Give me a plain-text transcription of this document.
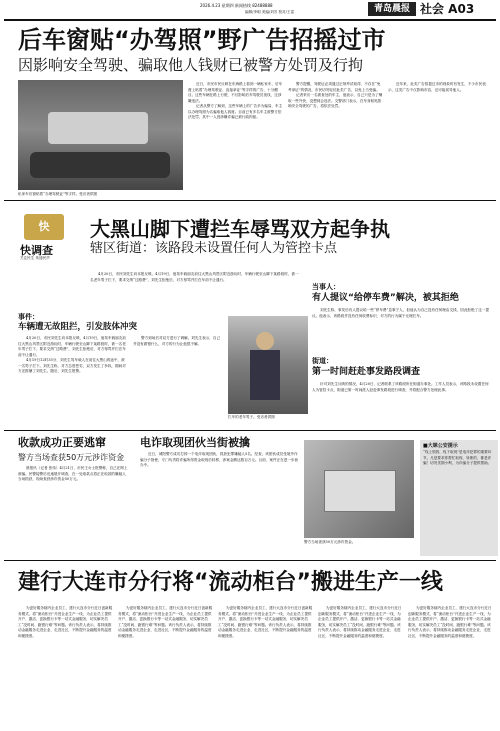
2026.4.23 星期四 新闻热线 82488888
编辑/李明 美编/刘芳 校对/王雷	青岛晨报 社会 A03
后车窗贴“办驾照”野广告招摇过市
因影响安全驾驶、骗取他人钱财已被警方处罚及行拘
私家车后窗贴着“办理驾驶证”等字样。受访者供图

近日，市民市民反映在东海路上看到一辆私家车，后车窗上贴着“办理驾驶证、直接拿证”等字样的广告，十分醒目。这些车辆在路上行驶，不仅影响后车驾驶员视线，还涉嫌违法。

记者从警方了解到，这些车辆上的广告多为骗局，车主以办理驾照为名骗取他人钱财。目前已有多名车主被警方依法处罚，其中一人因涉嫌诈骗已被行政拘留。

警方提醒，驾驶证必须通过正规考试取得，不存在“免考拿证”的情况，市民切勿轻信此类广告，以免上当受骗。

记者采访一名被查处的车主，他表示，自己只是为了赚取一些外快，没想到会违法。交警部门表示，在车身粘贴影响安全驾驶的广告，将依法处罚。

近年来，此类广告招摇过市的现象时有发生，不少市民表示，这类广告不仅影响市容，还可能误导他人。

快
快调查
关注民生 传递民声
大黑山脚下遭拦车辱骂双方起争执
辖区街道：该路段未设置任何人为管控卡点
事件：
车辆遭无故阻拦，引发肢体冲突

4月20日，市民刘先生向本报反映，4月19日，他驾车载朋友前往大黑山风景区附近游玩时，车辆行驶至山脚下某路段时，被一名老年男子拦下，要求交纳“过路费”，刘先生拒绝后，对方辱骂并拦在车前不让通行。

4月19日12时35分，刘先生驾车载人在前往大黑山的途中，被一名男子拦下。刘先生称，对方态度恶劣，双方发生了争执，期间对方还推搡了刘先生。随后，刘先生报警。

警方到场后对双方进行了调解。刘先生表示，自己并没有做错什么，对方的行为让他很不解。

4月20日，市民刘先生向本报反映，4月19日，他驾车载朋友前往大黑山风景区附近游玩时，车辆行驶至山脚下某路段时，被一名老年男子拦下，要求交纳“过路费”，刘先生拒绝后，对方辱骂并拦在车前不让通行。

拦车的老年男子。受访者供图
当事人：
有人提议“给停车费”解决，被其拒绝

刘先生称，事发后有人提议给一些“停车费”息事宁人，但他认为自己没有任何理由交钱，因此拒绝了这一提议。他表示，该路段并没有任何收费标识，对方的行为属于无理拦车。

街道：
第一时间赶赴事发路段调查

针对刘先生反映的情况，4月20日，记者联系了该路段所在街道办事处。工作人员表示，该路段未设置任何人为管控卡点，街道已第一时间派人赶赴事发路段进行调查，并将配合警方处理此事。

收款成功正要逃窜
警方当场查获50万元涉诈资金

晨报讯（记者 张伟）4月21日，市民王女士报警称，自己在网上被骗。民警接警后迅速展开调查，在一处取款点将正在取款的嫌疑人当场抓获，现场查获涉诈资金50万元。

电诈取现团伙当街被擒

近日，城阳警方成功打掉一个电诈取现团伙，抓获犯罪嫌疑人5名。经查，该团伙成员受境外诈骗分子指使，专门负责将诈骗所得资金取现后转移，涉案金额达数百万元。目前，案件正在进一步侦办中。

警方当场查获50万元涉诈资金。
■大咪公安提示
“线上领钱、线下取现”是电诈犯罪的重要环节。凡是要求你帮忙取现、转账的，都是诈骗！切勿贪图小利，为诈骗分子提供帮助。
建行大连市分行将“流动柜台”搬进生产一线

为更好服务辖内企业员工，建行大连市分行近日创新服务模式，将“流动柜台”开进企业生产一线，为企业员工提供开户、激活、更换银行卡等一站式金融服务，切实解决员工“没时间、跑银行难”等问题。该行负责人表示，将持续推动金融服务走进企业、走进社区，不断提升金融服务的温度和便捷度。

为更好服务辖内企业员工，建行大连市分行近日创新服务模式，将“流动柜台”开进企业生产一线，为企业员工提供开户、激活、更换银行卡等一站式金融服务，切实解决员工“没时间、跑银行难”等问题。该行负责人表示，将持续推动金融服务走进企业、走进社区，不断提升金融服务的温度和便捷度。

为更好服务辖内企业员工，建行大连市分行近日创新服务模式，将“流动柜台”开进企业生产一线，为企业员工提供开户、激活、更换银行卡等一站式金融服务，切实解决员工“没时间、跑银行难”等问题。该行负责人表示，将持续推动金融服务走进企业、走进社区，不断提升金融服务的温度和便捷度。

为更好服务辖内企业员工，建行大连市分行近日创新服务模式，将“流动柜台”开进企业生产一线，为企业员工提供开户、激活、更换银行卡等一站式金融服务，切实解决员工“没时间、跑银行难”等问题。该行负责人表示，将持续推动金融服务走进企业、走进社区，不断提升金融服务的温度和便捷度。

为更好服务辖内企业员工，建行大连市分行近日创新服务模式，将“流动柜台”开进企业生产一线，为企业员工提供开户、激活、更换银行卡等一站式金融服务，切实解决员工“没时间、跑银行难”等问题。该行负责人表示，将持续推动金融服务走进企业、走进社区，不断提升金融服务的温度和便捷度。
